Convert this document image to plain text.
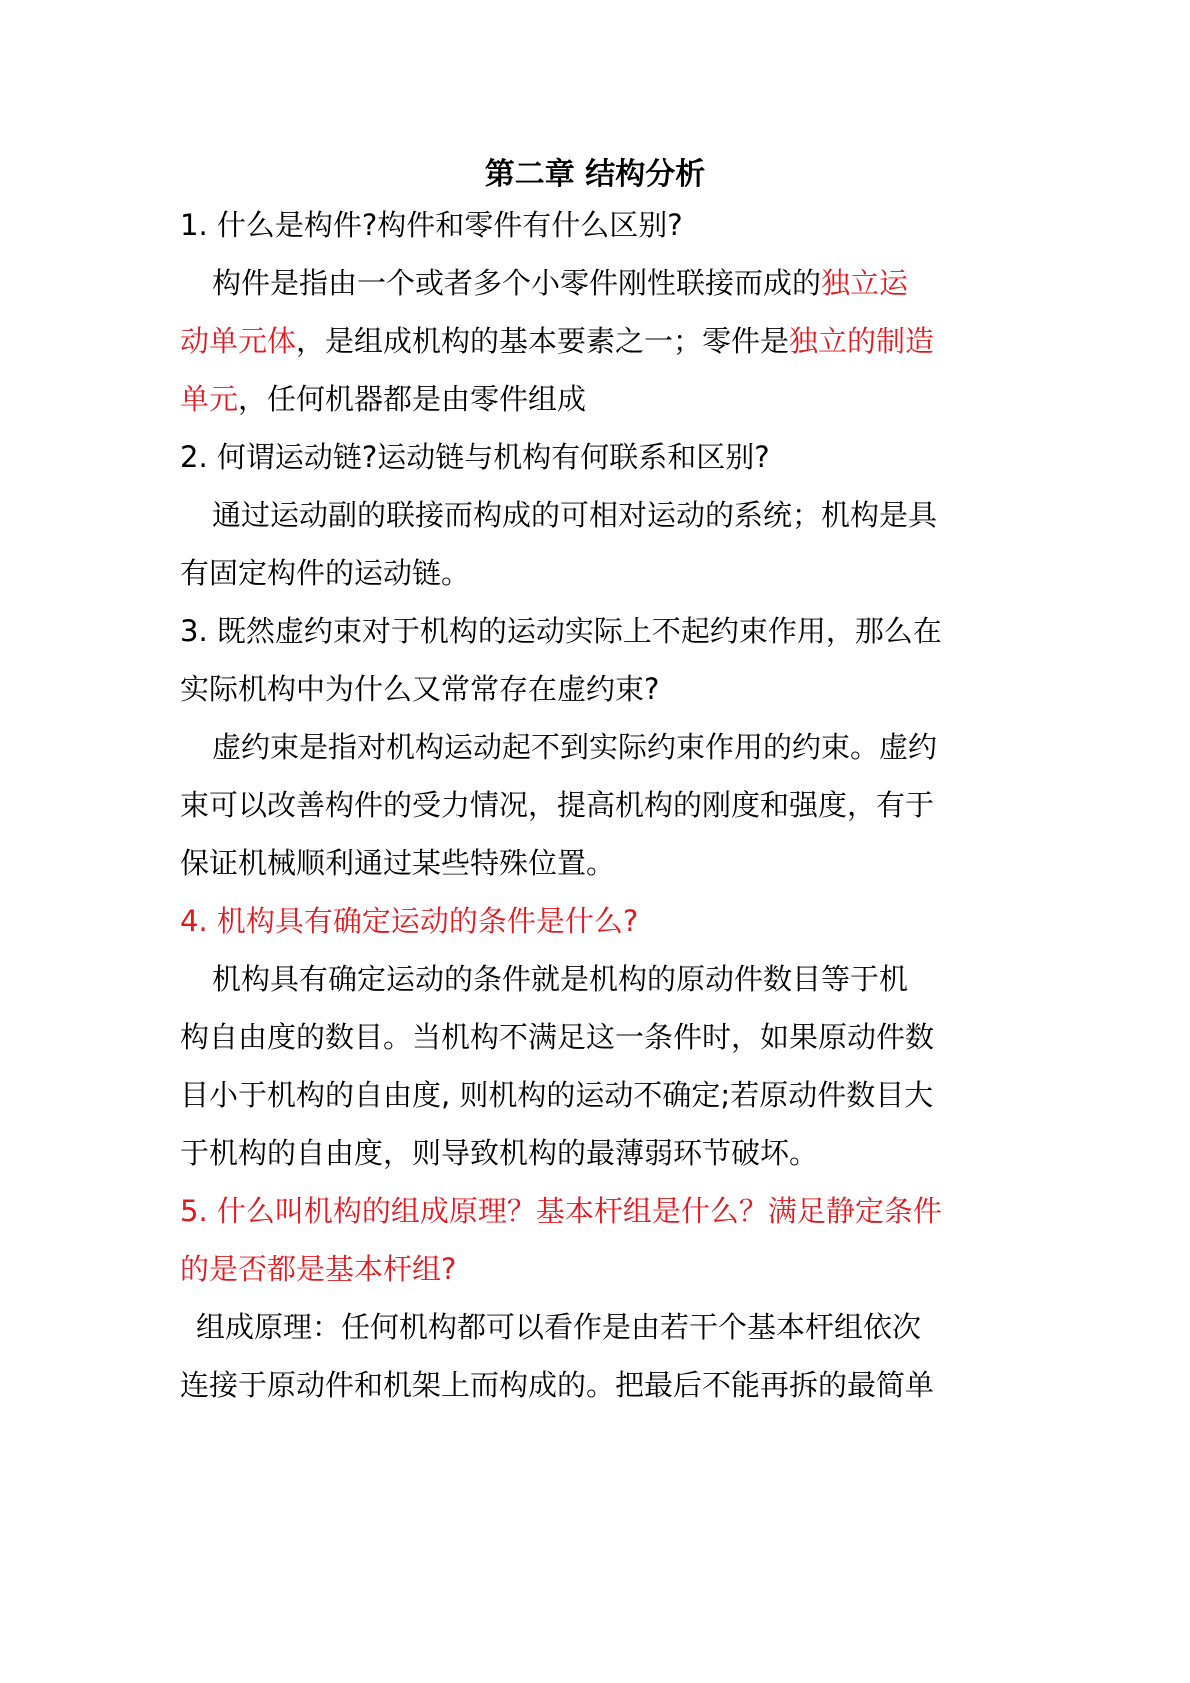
第二章 结构分析
1. 什么是构件?构件和零件有什么区别?
构件是指由一个或者多个小零件刚性联接而成的独立运
动单元体，是组成机构的基本要素之一；零件是独立的制造
单元，任何机器都是由零件组成
2. 何谓运动链?运动链与机构有何联系和区别?
通过运动副的联接而构成的可相对运动的系统；机构是具
有固定构件的运动链。
3. 既然虚约束对于机构的运动实际上不起约束作用，那么在
实际机构中为什么又常常存在虚约束?
虚约束是指对机构运动起不到实际约束作用的约束。虚约
束可以改善构件的受力情况，提高机构的刚度和强度，有于
保证机械顺利通过某些特殊位置。
4. 机构具有确定运动的条件是什么?
机构具有确定运动的条件就是机构的原动件数目等于机
构自由度的数目。当机构不满足这一条件时，如果原动件数
目小于机构的自由度, 则机构的运动不确定;若原动件数目大
于机构的自由度，则导致机构的最薄弱环节破坏。
5. 什么叫机构的组成原理？基本杆组是什么？满足静定条件
的是否都是基本杆组?
组成原理：任何机构都可以看作是由若干个基本杆组依次
连接于原动件和机架上而构成的。把最后不能再拆的最简单
